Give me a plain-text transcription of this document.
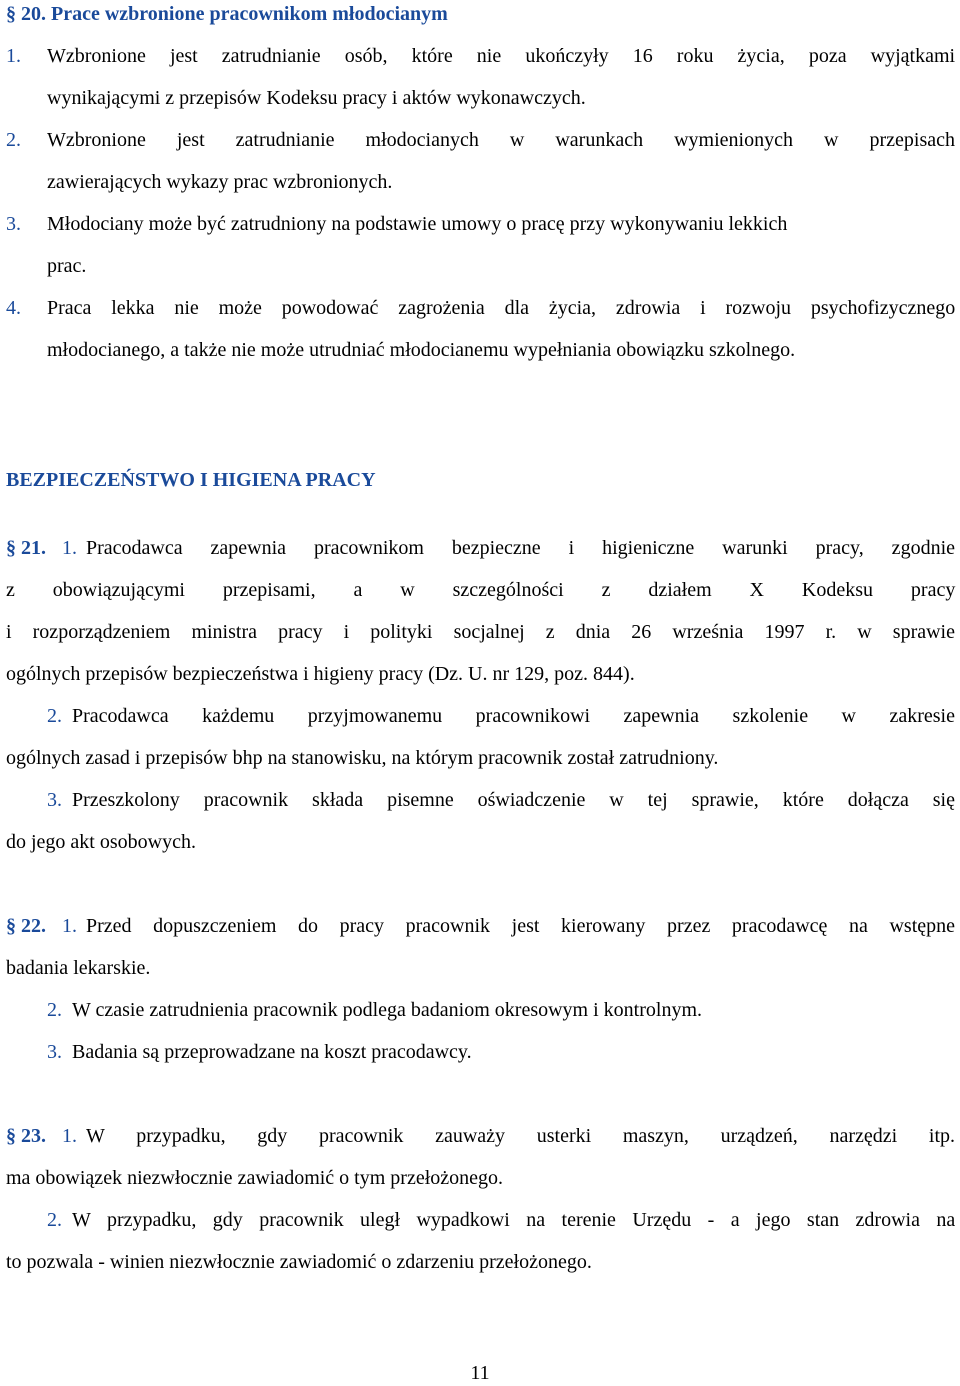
§ 20. Prace wzbronione pracownikom młodocianym
1. Wzbronione jest zatrudnianie osób, które nie ukończyły 16 roku życia, poza wyjątkami
wynikającymi z przepisów Kodeksu pracy i aktów wykonawczych.
2. Wzbronione jest zatrudnianie młodocianych w warunkach wymienionych w przepisach
zawierających wykazy prac wzbronionych.
3. Młodociany może być zatrudniony na podstawie umowy o pracę przy wykonywaniu lekkich
prac.
4. Praca lekka nie może powodować zagrożenia dla życia, zdrowia i rozwoju psychofizycznego
młodocianego, a także nie może utrudniać młodocianemu wypełniania obowiązku szkolnego.
BEZPIECZEŃSTWO I HIGIENA PRACY
§ 21. 1. Pracodawca zapewnia pracownikom bezpieczne i higieniczne warunki pracy, zgodnie
z obowiązującymi przepisami, a w szczególności z działem X Kodeksu pracy
i rozporządzeniem ministra pracy i polityki socjalnej z dnia 26 września 1997 r. w sprawie
ogólnych przepisów bezpieczeństwa i higieny pracy (Dz. U. nr 129, poz. 844).
2. Pracodawca każdemu przyjmowanemu pracownikowi zapewnia szkolenie w zakresie
ogólnych zasad i przepisów bhp na stanowisku, na którym pracownik został zatrudniony.
3. Przeszkolony pracownik składa pisemne oświadczenie w tej sprawie, które dołącza się
do jego akt osobowych.
§ 22. 1. Przed dopuszczeniem do pracy pracownik jest kierowany przez pracodawcę na wstępne
badania lekarskie.
2. W czasie zatrudnienia pracownik podlega badaniom okresowym i kontrolnym.
3. Badania są przeprowadzane na koszt pracodawcy.
§ 23. 1. W przypadku, gdy pracownik zauważy usterki maszyn, urządzeń, narzędzi itp.
ma obowiązek niezwłocznie zawiadomić o tym przełożonego.
2. W przypadku, gdy pracownik uległ wypadkowi na terenie Urzędu - a jego stan zdrowia na
to pozwala - winien niezwłocznie zawiadomić o zdarzeniu przełożonego.
11
